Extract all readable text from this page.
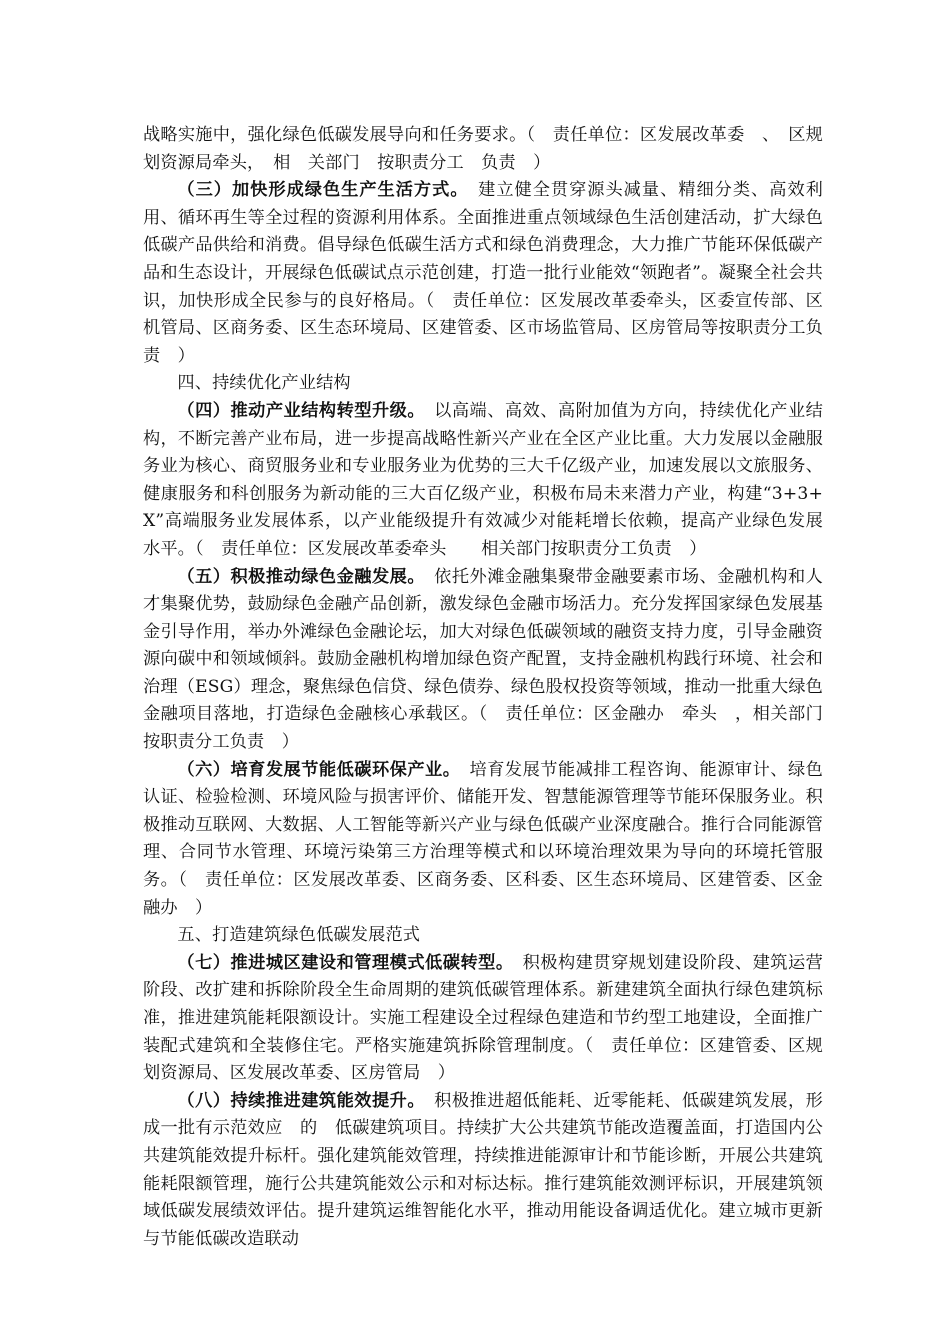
战略实施中，强化绿色低碳发展导向和任务要求。（　责任单位：区发展改革委　、　区规划资源局牵头，　相　关部门　按职责分工　负责　）

（三）加快形成绿色生产生活方式。　建立健全贯穿源头减量、精细分类、高效利用、循环再生等全过程的资源利用体系。全面推进重点领域绿色生活创建活动，扩大绿色低碳产品供给和消费。倡导绿色低碳生活方式和绿色消费理念，大力推广节能环保低碳产品和生态设计，开展绿色低碳试点示范创建，打造一批行业能效“领跑者”。凝聚全社会共识，加快形成全民参与的良好格局。（　责任单位：区发展改革委牵头，区委宣传部、区机管局、区商务委、区生态环境局、区建管委、区市场监管局、区房管局等按职责分工负责　）

四、持续优化产业结构

（四）推动产业结构转型升级。　以高端、高效、高附加值为方向，持续优化产业结构，不断完善产业布局，进一步提高战略性新兴产业在全区产业比重。大力发展以金融服务业为核心、商贸服务业和专业服务业为优势的三大千亿级产业，加速发展以文旅服务、健康服务和科创服务为新动能的三大百亿级产业，积极布局未来潜力产业，构建“3+3+X”高端服务业发展体系，以产业能级提升有效减少对能耗增长依赖，提高产业绿色发展水平。（　责任单位：区发展改革委牵头　　相关部门按职责分工负责　）

（五）积极推动绿色金融发展。　依托外滩金融集聚带金融要素市场、金融机构和人才集聚优势，鼓励绿色金融产品创新，激发绿色金融市场活力。充分发挥国家绿色发展基金引导作用，举办外滩绿色金融论坛，加大对绿色低碳领域的融资支持力度，引导金融资源向碳中和领域倾斜。鼓励金融机构增加绿色资产配置，支持金融机构践行环境、社会和治理（ESG）理念，聚焦绿色信贷、绿色债券、绿色股权投资等领域，推动一批重大绿色金融项目落地，打造绿色金融核心承载区。（　责任单位：区金融办　牵头　，相关部门按职责分工负责　）

（六）培育发展节能低碳环保产业。　培育发展节能减排工程咨询、能源审计、绿色认证、检验检测、环境风险与损害评价、储能开发、智慧能源管理等节能环保服务业。积极推动互联网、大数据、人工智能等新兴产业与绿色低碳产业深度融合。推行合同能源管理、合同节水管理、环境污染第三方治理等模式和以环境治理效果为导向的环境托管服务。（　责任单位：区发展改革委、区商务委、区科委、区生态环境局、区建管委、区金融办　）

五、打造建筑绿色低碳发展范式

（七）推进城区建设和管理模式低碳转型。　积极构建贯穿规划建设阶段、建筑运营阶段、改扩建和拆除阶段全生命周期的建筑低碳管理体系。新建建筑全面执行绿色建筑标准，推进建筑能耗限额设计。实施工程建设全过程绿色建造和节约型工地建设，全面推广装配式建筑和全装修住宅。严格实施建筑拆除管理制度。（　责任单位：区建管委、区规划资源局、区发展改革委、区房管局　）

（八）持续推进建筑能效提升。　积极推进超低能耗、近零能耗、低碳建筑发展，形成一批有示范效应　的　低碳建筑项目。持续扩大公共建筑节能改造覆盖面，打造国内公共建筑能效提升标杆。强化建筑能效管理，持续推进能源审计和节能诊断，开展公共建筑能耗限额管理，施行公共建筑能效公示和对标达标。推行建筑能效测评标识，开展建筑领域低碳发展绩效评估。提升建筑运维智能化水平，推动用能设备调适优化。建立城市更新与节能低碳改造联动
